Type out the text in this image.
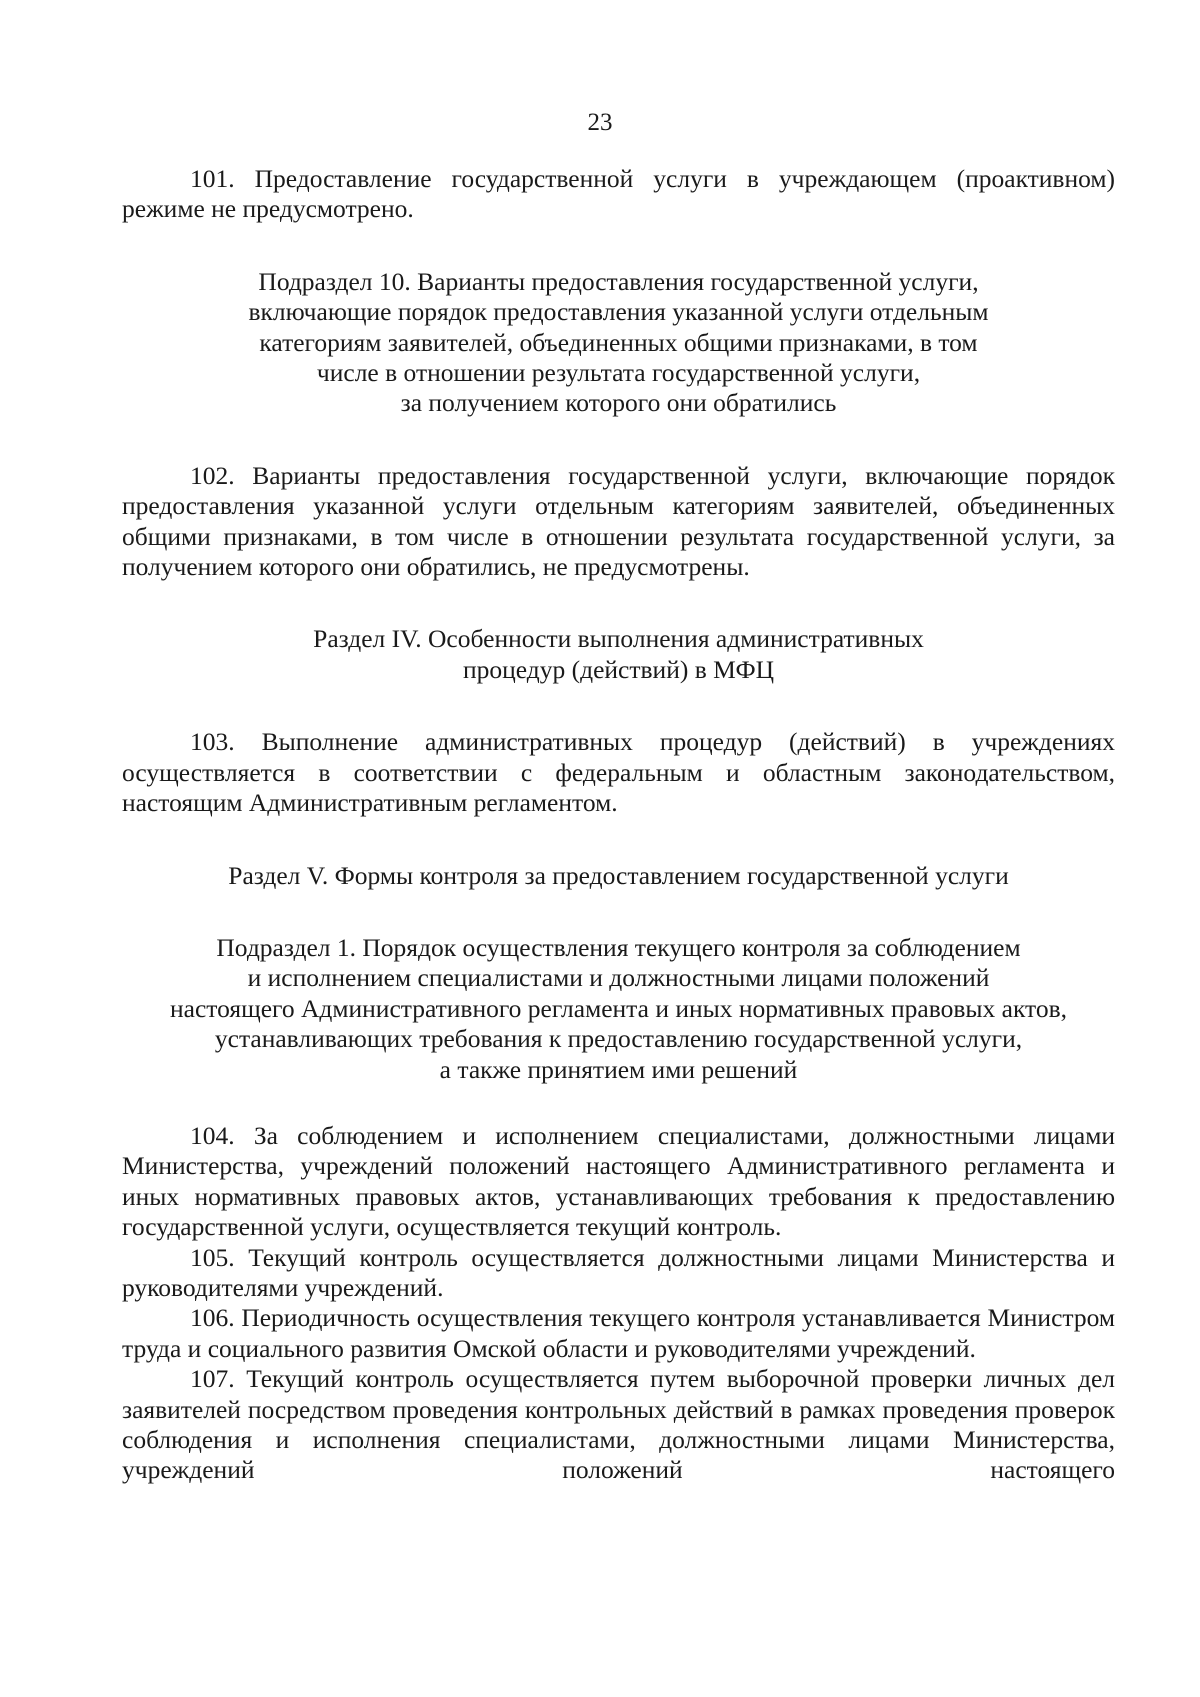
23

101. Предоставление государственной услуги в учреждающем (проактивном) режиме не предусмотрено.

Подраздел 10. Варианты предоставления государственной услуги,
включающие порядок предоставления указанной услуги отдельным
категориям заявителей, объединенных общими признаками, в том
числе в отношении результата государственной услуги,
за получением которого они обратились

102. Варианты предоставления государственной услуги, включающие порядок предоставления указанной услуги отдельным категориям заявителей, объединенных общими признаками, в том числе в отношении результата государственной услуги, за получением которого они обратились, не предусмотрены.

Раздел IV. Особенности выполнения административных
процедур (действий) в МФЦ

103. Выполнение административных процедур (действий) в учреждениях осуществляется в соответствии с федеральным и областным законодательством, настоящим Административным регламентом.

Раздел V. Формы контроля за предоставлением государственной услуги
Подраздел 1. Порядок осуществления текущего контроля за соблюдением
и исполнением специалистами и должностными лицами положений
настоящего Административного регламента и иных нормативных правовых актов,
устанавливающих требования к предоставлению государственной услуги,
а также принятием ими решений

104. За соблюдением и исполнением специалистами, должностными лицами Министерства, учреждений положений настоящего Административного регламента и иных нормативных правовых актов, устанавливающих требования к предоставлению государственной услуги, осуществляется текущий контроль.

105. Текущий контроль осуществляется должностными лицами Министерства и руководителями учреждений.

106. Периодичность осуществления текущего контроля устанавливается Министром труда и социального развития Омской области и руководителями учреждений.

107. Текущий контроль осуществляется путем выборочной проверки личных дел заявителей посредством проведения контрольных действий в рамках проведения проверок соблюдения и исполнения специалистами, должностными лицами Министерства, учреждений положений настоящего
